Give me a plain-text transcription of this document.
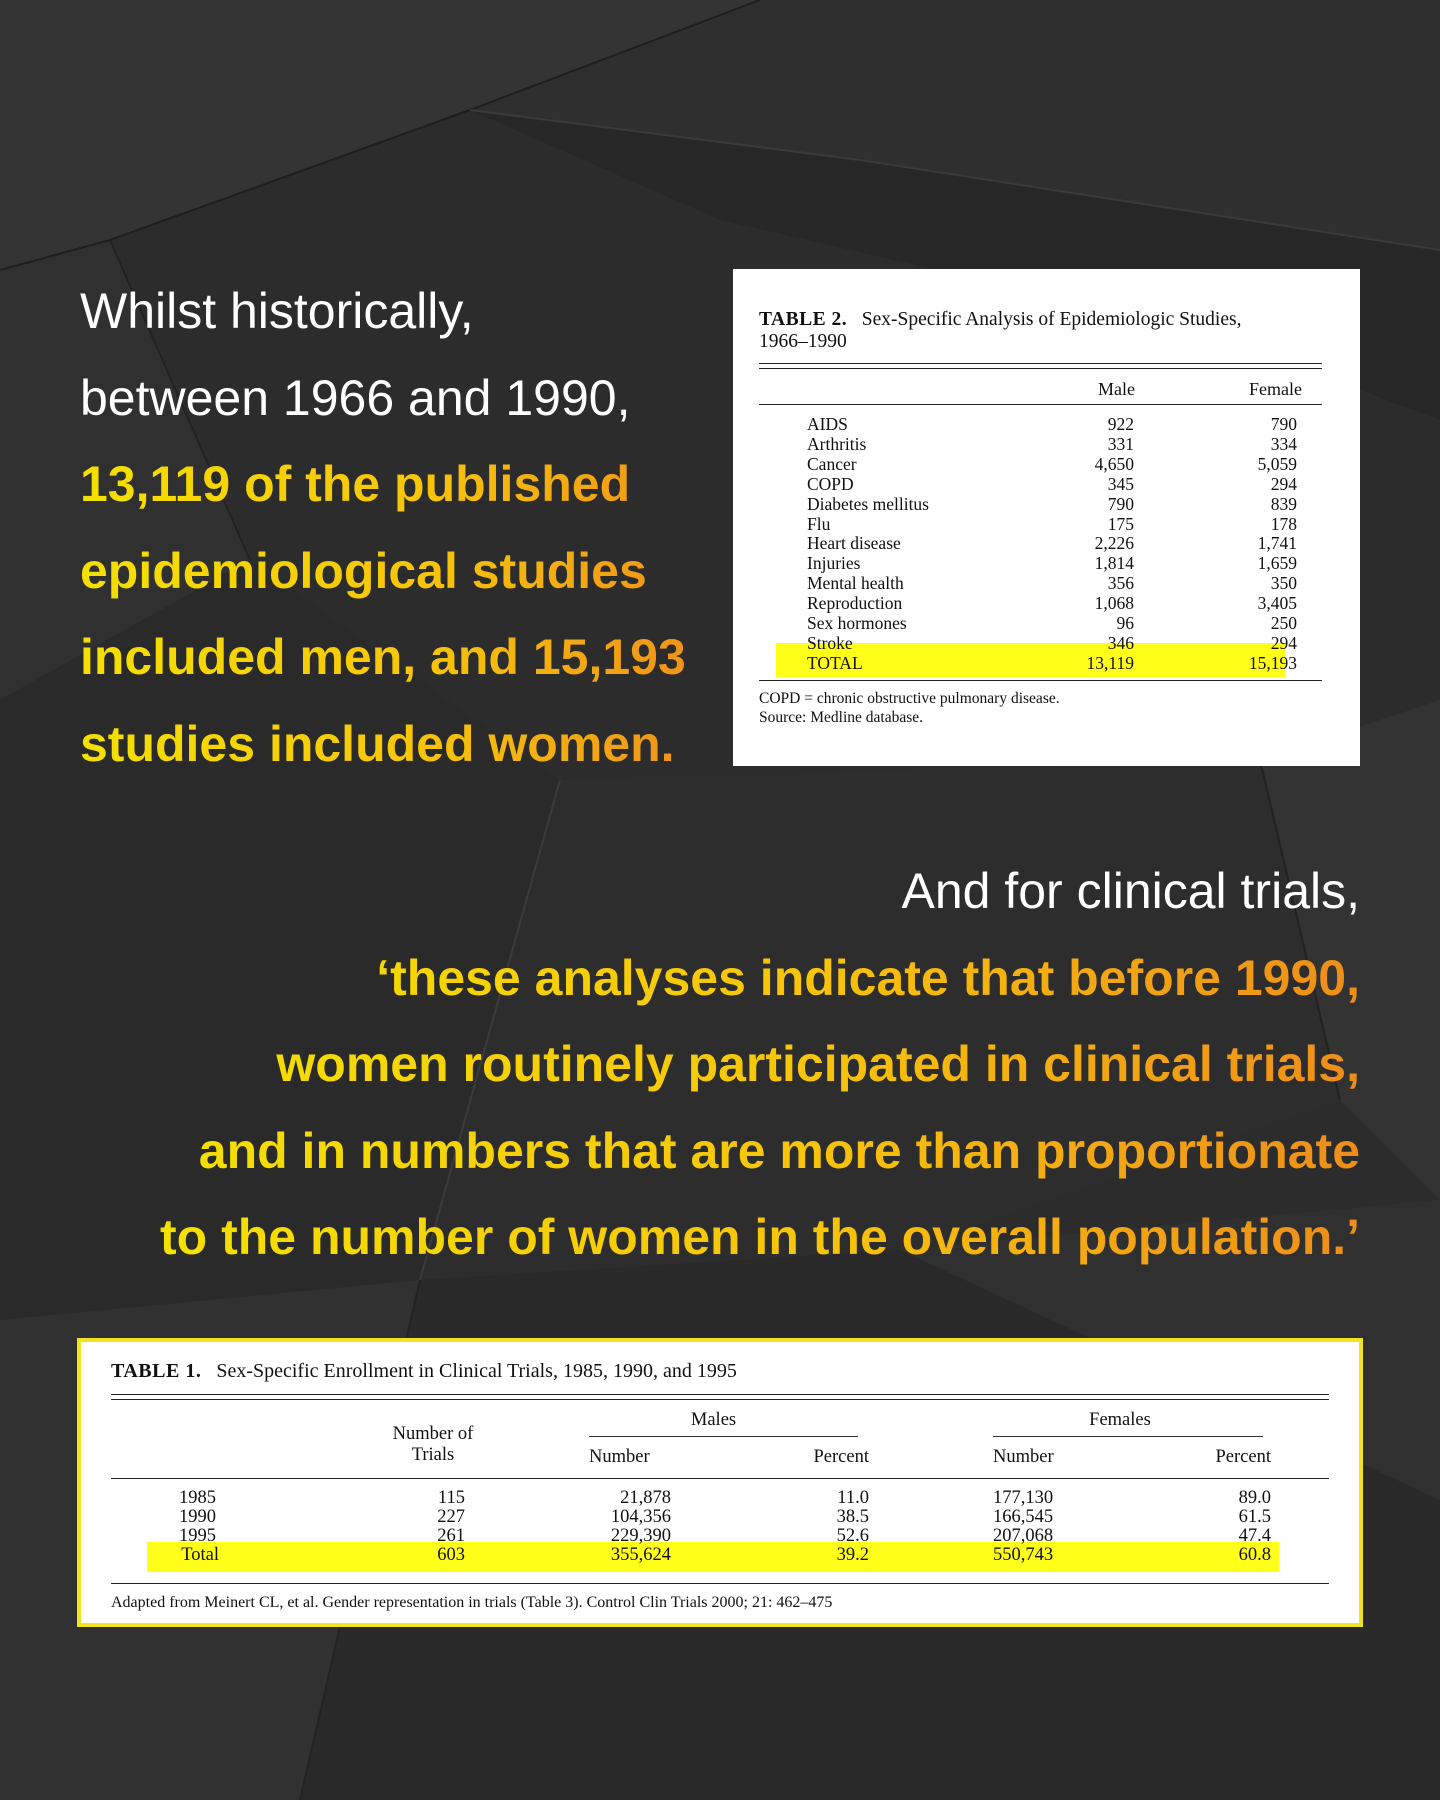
Whilst historically,
between 1966 and 1990,
13,119 of the published
epidemiological studies
included men, and 15,193
studies included women.
TABLE 2. Sex-Specific Analysis of Epidemiologic Studies,
1966–1990
Male	Female
AIDS	922	790
Arthritis	331	334
Cancer	4,650	5,059
COPD	345	294
Diabetes mellitus	790	839
Flu	175	178
Heart disease	2,226	1,741
Injuries	1,814	1,659
Mental health	356	350
Reproduction	1,068	3,405
Sex hormones	96	250
Stroke	346	294
TOTAL	13,119	15,193
COPD = chronic obstructive pulmonary disease.
Source: Medline database.
And for clinical trials,
‘these analyses indicate that before 1990,
women routinely participated in clinical trials,
and in numbers that are more than proportionate
to the number of women in the overall population.’
TABLE 1. Sex-Specific Enrollment in Clinical Trials, 1985, 1990, and 1995
Number of
Trials
Males	Females
Number	Percent	Number	Percent
1985	115	21,878	11.0	177,130	89.0
1990	227	104,356	38.5	166,545	61.5
1995	261	229,390	52.6	207,068	47.4
Total	603	355,624	39.2	550,743	60.8
Adapted from Meinert CL, et al. Gender representation in trials (Table 3). Control Clin Trials 2000; 21: 462–475
